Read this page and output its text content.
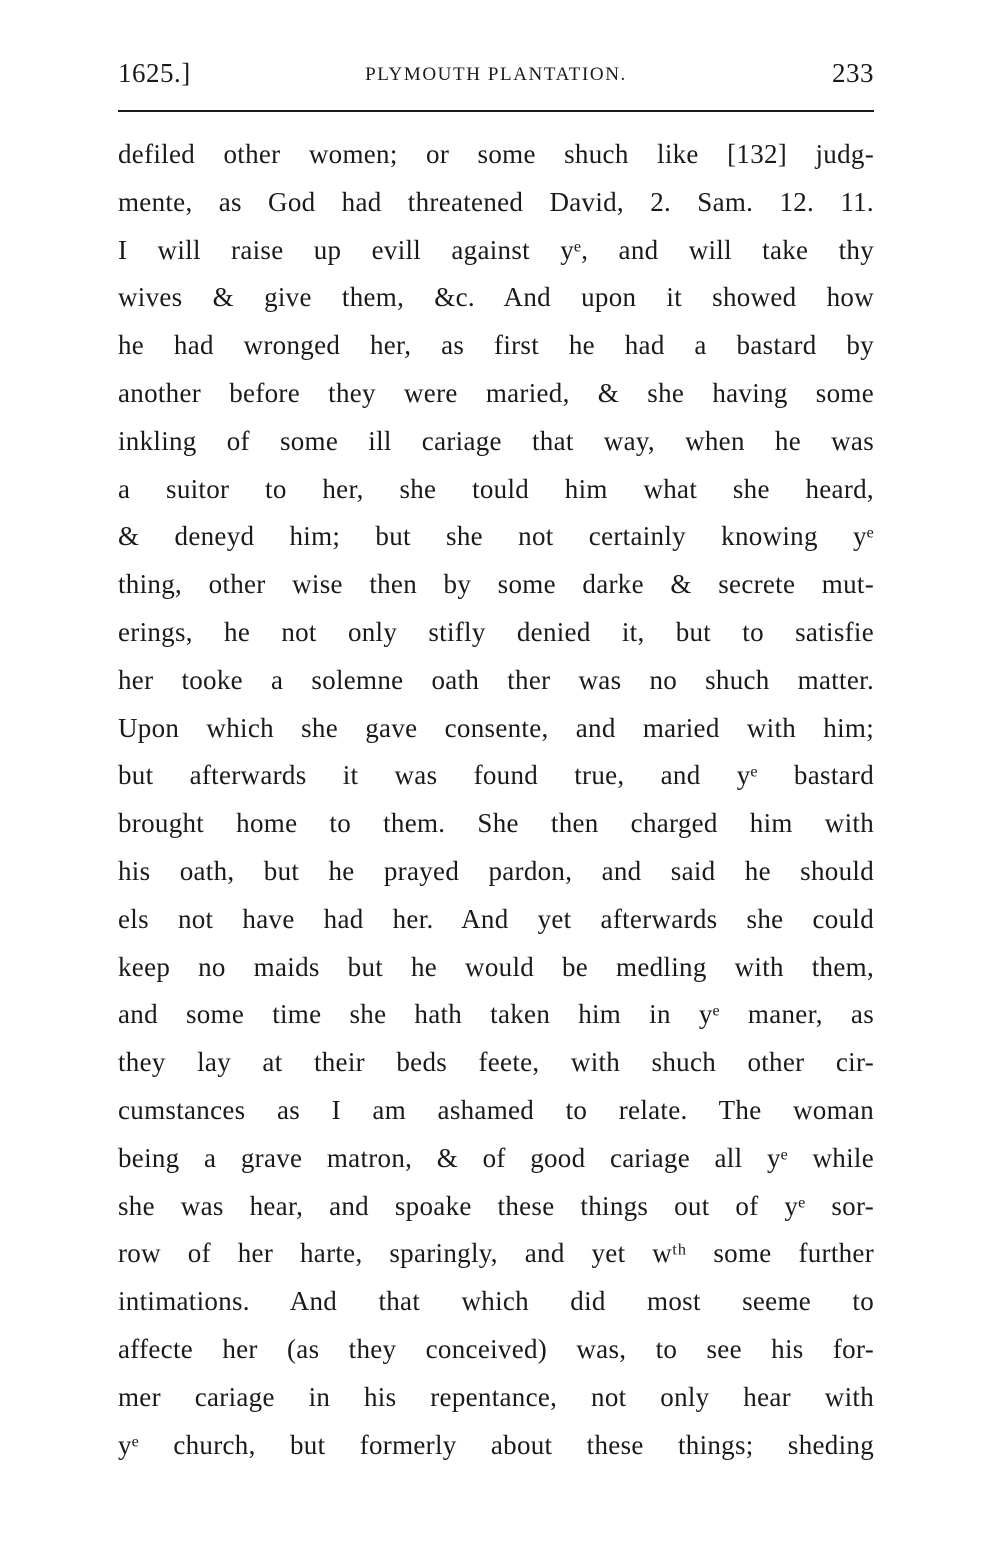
1625.]	PLYMOUTH PLANTATION.	233
defiled other women; or some shuch like [132] judg-
mente, as God had threatened David, 2. Sam. 12. 11.
I will raise up evill against yᵉ, and will take thy
wives & give them, &c. And upon it showed how
he had wronged her, as first he had a bastard by
another before they were maried, & she having some
inkling of some ill cariage that way, when he was
a suitor to her, she tould him what she heard,
& deneyd him; but she not certainly knowing yᵉ
thing, other wise then by some darke & secrete mut-
erings, he not only stifly denied it, but to satisfie
her tooke a solemne oath ther was no shuch matter.
Upon which she gave consente, and maried with him;
but afterwards it was found true, and yᵉ bastard
brought home to them. She then charged him with
his oath, but he prayed pardon, and said he should
els not have had her. And yet afterwards she could
keep no maids but he would be medling with them,
and some time she hath taken him in yᵉ maner, as
they lay at their beds feete, with shuch other cir-
cumstances as I am ashamed to relate. The woman
being a grave matron, & of good cariage all yᵉ while
she was hear, and spoake these things out of yᵉ sor-
row of her harte, sparingly, and yet wᵗʰ some further
intimations. And that which did most seeme to
affecte her (as they conceived) was, to see his for-
mer cariage in his repentance, not only hear with
yᵉ church, but formerly about these things; sheding
